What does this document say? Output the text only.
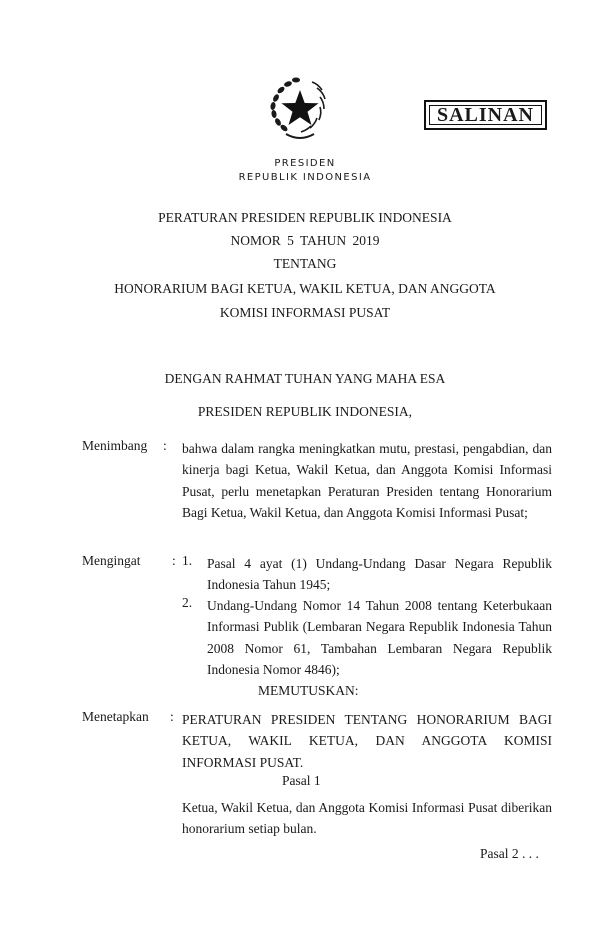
SALINAN
PRESIDEN
REPUBLIK INDONESIA
PERATURAN PRESIDEN REPUBLIK INDONESIA
NOMOR 5 TAHUN 2019
TENTANG
HONORARIUM BAGI KETUA, WAKIL KETUA, DAN ANGGOTA
KOMISI INFORMASI PUSAT
DENGAN RAHMAT TUHAN YANG MAHA ESA
PRESIDEN REPUBLIK INDONESIA,
Menimbang : bahwa dalam rangka meningkatkan mutu, prestasi, pengabdian, dan kinerja bagi Ketua, Wakil Ketua, dan Anggota Komisi Informasi Pusat, perlu menetapkan Peraturan Presiden tentang Honorarium Bagi Ketua, Wakil Ketua, dan Anggota Komisi Informasi Pusat;
Mengingat : 1. Pasal 4 ayat (1) Undang-Undang Dasar Negara Republik Indonesia Tahun 1945;
2. Undang-Undang Nomor 14 Tahun 2008 tentang Keterbukaan Informasi Publik (Lembaran Negara Republik Indonesia Tahun 2008 Nomor 61, Tambahan Lembaran Negara Republik Indonesia Nomor 4846);
MEMUTUSKAN:
Menetapkan : PERATURAN PRESIDEN TENTANG HONORARIUM BAGI KETUA, WAKIL KETUA, DAN ANGGOTA KOMISI INFORMASI PUSAT.
Pasal 1
Ketua, Wakil Ketua, dan Anggota Komisi Informasi Pusat diberikan honorarium setiap bulan.
Pasal 2 . . .
